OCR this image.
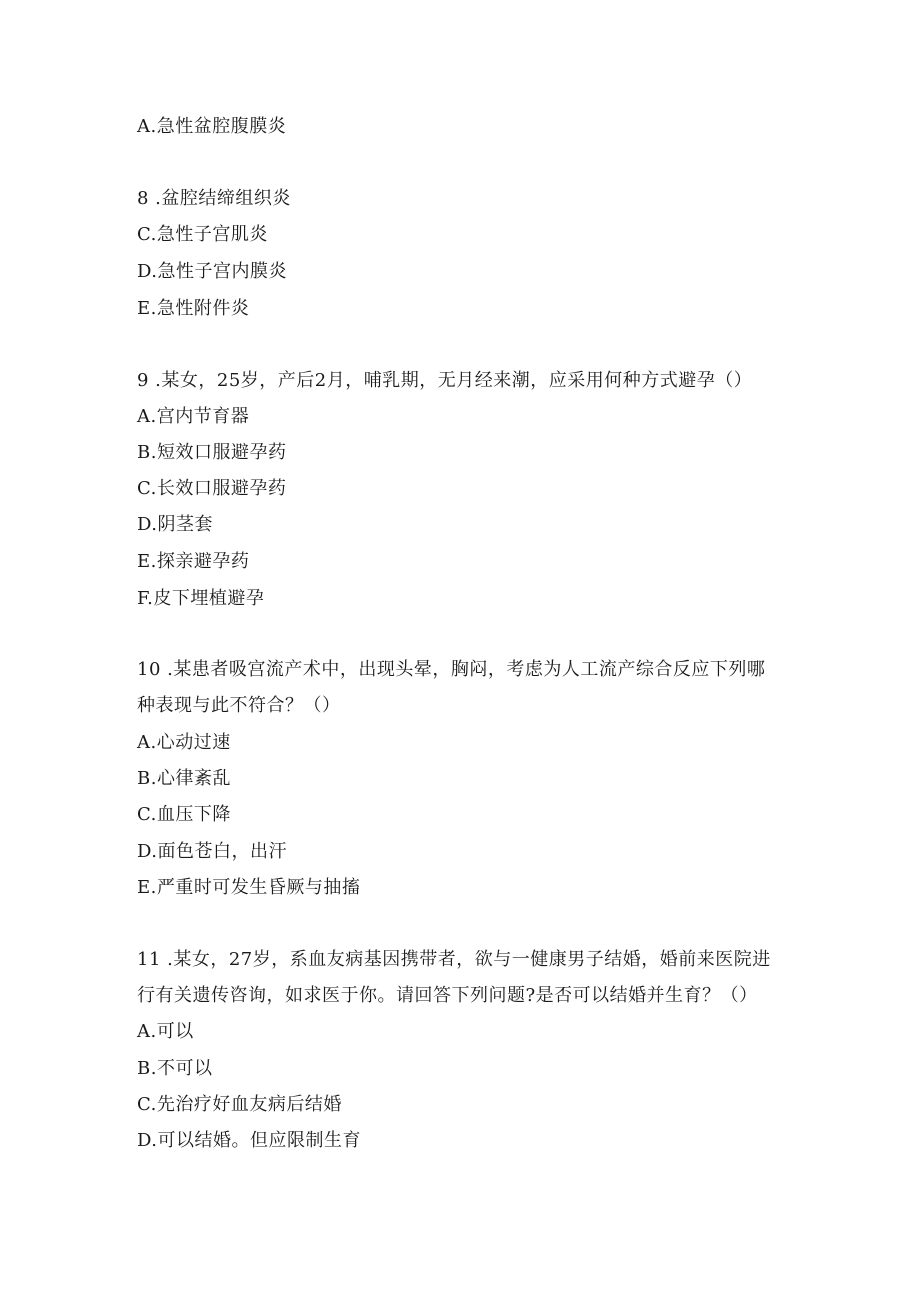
A.急性盆腔腹膜炎
8 .盆腔结缔组织炎
C.急性子宫肌炎
D.急性子宫内膜炎
E.急性附件炎
9 .某女，25岁，产后2月，哺乳期，无月经来潮，应采用何种方式避孕（）
A.宫内节育器
B.短效口服避孕药
C.长效口服避孕药
D.阴茎套
E.探亲避孕药
F.皮下埋植避孕
10 .某患者吸宫流产术中，出现头晕，胸闷，考虑为人工流产综合反应下列哪
种表现与此不符合？（）
A.心动过速
B.心律紊乱
C.血压下降
D.面色苍白，出汗
E.严重时可发生昏厥与抽搐
11 .某女，27岁，系血友病基因携带者，欲与一健康男子结婚，婚前来医院进
行有关遗传咨询，如求医于你。请回答下列问题?是否可以结婚并生育？（）
A.可以
B.不可以
C.先治疗好血友病后结婚
D.可以结婚。但应限制生育
